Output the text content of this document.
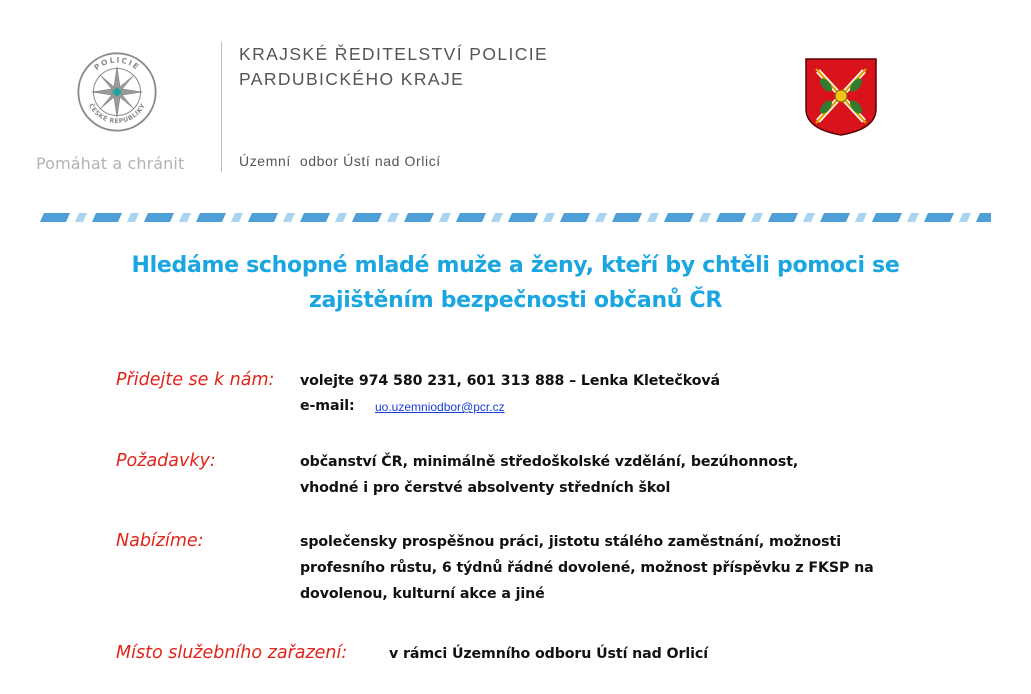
POLICIE
ČESKÉ REPUBLIKY
Pomáhat a chránit
KRAJSKÉ ŘEDITELSTVÍ POLICIE
PARDUBICKÉHO KRAJE
Územní  odbor Ústí nad Orlicí
Hledáme schopné mladé muže a ženy, kteří by chtěli pomoci se
zajištěním bezpečnosti občanů ČR
Přidejte se k nám: volejte 974 580 231, 601 313 888 – Lenka Kletečková
e-mail: uo.uzemniodbor@pcr.cz
Požadavky:	občanství ČR, minimálně středoškolské vzdělání, bezúhonnost,
vhodné i pro čerstvé absolventy středních škol
Nabízíme:	společensky prospěšnou práci, jistotu stálého zaměstnání, možnosti
profesního růstu, 6 týdnů řádné dovolené, možnost příspěvku z FKSP na
dovolenou, kulturní akce a jiné
Místo služebního zařazení:	v rámci Územního odboru Ústí nad Orlicí
